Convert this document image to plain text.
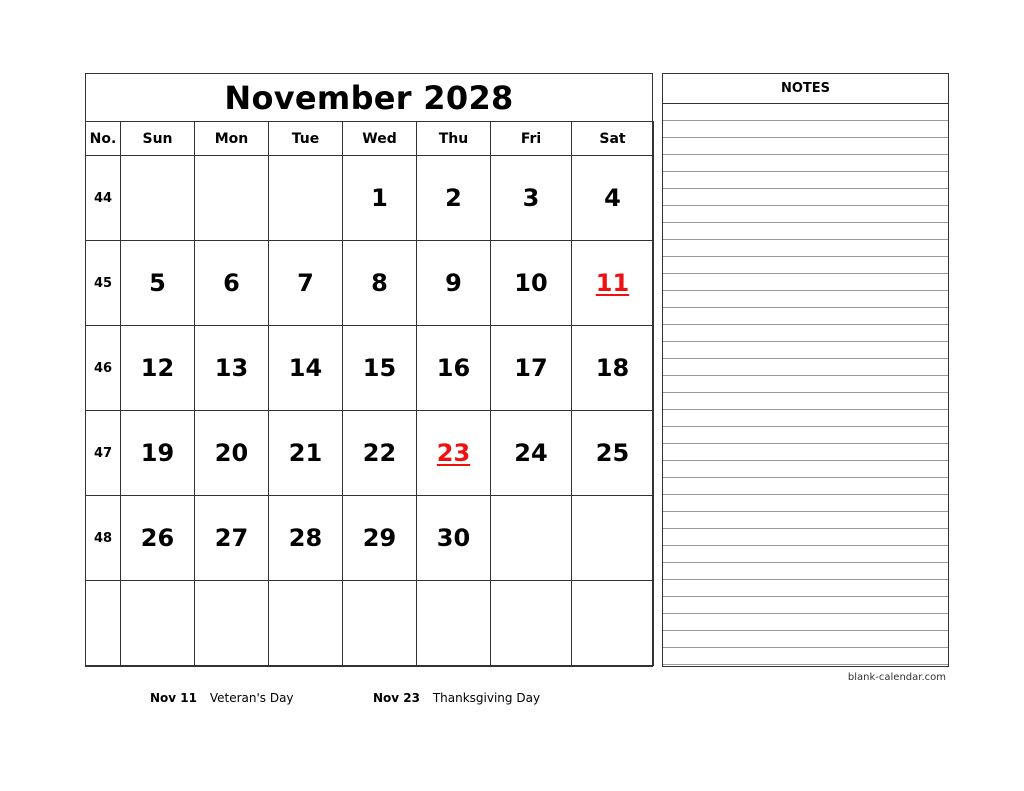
November 2028
No.	Sun	Mon	Tue	Wed	Thu	Fri	Sat
44				1	2	3	4
45	5	6	7	8	9	10	11
46	12	13	14	15	16	17	18
47	19	20	21	22	23	24	25
48	26	27	28	29	30		

NOTES
blank-calendar.com
Nov 11 Veteran's Day	Nov 23 Thanksgiving Day
